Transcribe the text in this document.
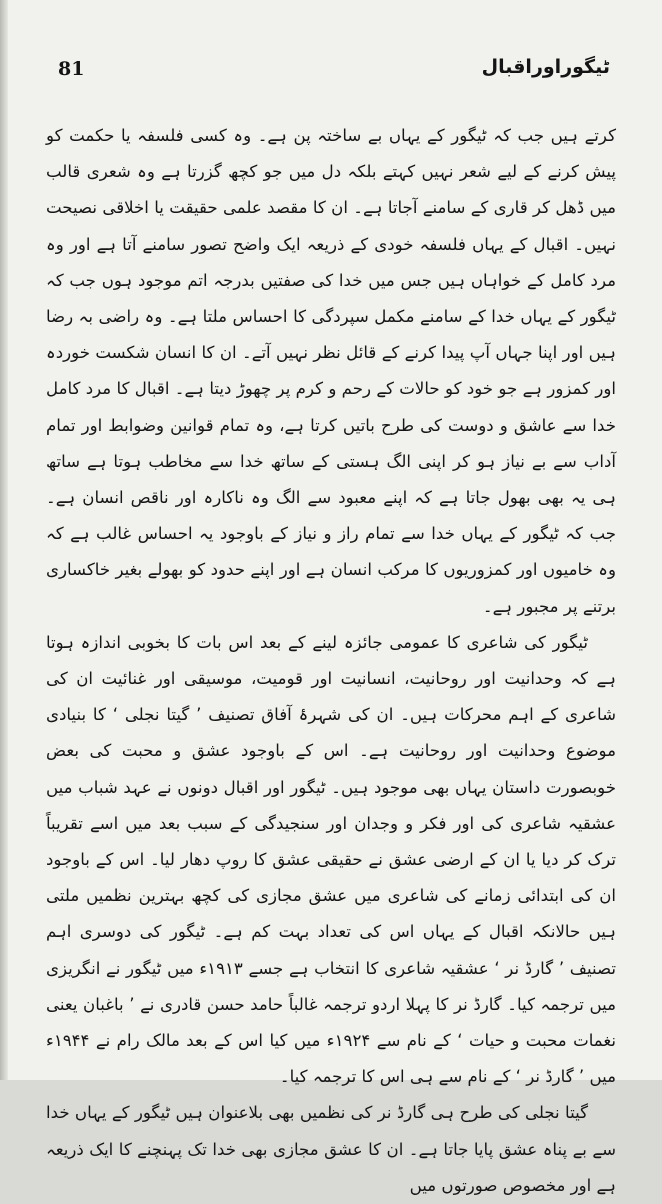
ٹیگوراوراقبال
81

کرتے ہیں جب کہ ٹیگور کے یہاں بے ساختہ پن ہے۔ وہ کسی فلسفہ یا حکمت کو پیش کرنے کے لیے شعر نہیں کہتے بلکہ دل میں جو کچھ گزرتا ہے وہ شعری قالب میں ڈھل کر قاری کے سامنے آجاتا ہے۔ ان کا مقصد علمی حقیقت یا اخلاقی نصیحت نہیں۔ اقبال کے یہاں فلسفہ خودی کے ذریعہ ایک واضح تصور سامنے آتا ہے اور وہ مرد کامل کے خواہاں ہیں جس میں خدا کی صفتیں بدرجہ اتم موجود ہوں جب کہ ٹیگور کے یہاں خدا کے سامنے مکمل سپردگی کا احساس ملتا ہے۔ وہ راضی بہ رضا ہیں اور اپنا جہاں آپ پیدا کرنے کے قائل نظر نہیں آتے۔ ان کا انسان شکست خوردہ اور کمزور ہے جو خود کو حالات کے رحم و کرم پر چھوڑ دیتا ہے۔ اقبال کا مرد کامل خدا سے عاشق و دوست کی طرح باتیں کرتا ہے، وہ تمام قوانین وضوابط اور تمام آداب سے بے نیاز ہو کر اپنی الگ ہستی کے ساتھ خدا سے مخاطب ہوتا ہے ساتھ ہی یہ بھی بھول جاتا ہے کہ اپنے معبود سے الگ وہ ناکارہ اور ناقص انسان ہے۔ جب کہ ٹیگور کے یہاں خدا سے تمام راز و نیاز کے باوجود یہ احساس غالب ہے کہ وہ خامیوں اور کمزوریوں کا مرکب انسان ہے اور اپنے حدود کو بھولے بغیر خاکساری برتنے پر مجبور ہے۔

ٹیگور کی شاعری کا عمومی جائزہ لینے کے بعد اس بات کا بخوبی اندازہ ہوتا ہے کہ وحدانیت اور روحانیت، انسانیت اور قومیت، موسیقی اور غنائیت ان کی شاعری کے اہم محرکات ہیں۔ ان کی شہرۂ آفاق تصنیف ’ گیتا نجلی ‘ کا بنیادی موضوع وحدانیت اور روحانیت ہے۔ اس کے باوجود عشق و محبت کی بعض خوبصورت داستان یہاں بھی موجود ہیں۔ ٹیگور اور اقبال دونوں نے عہد شباب میں عشقیہ شاعری کی اور فکر و وجدان اور سنجیدگی کے سبب بعد میں اسے تقریباً ترک کر دیا یا ان کے ارضی عشق نے حقیقی عشق کا روپ دھار لیا۔ اس کے باوجود ان کی ابتدائی زمانے کی شاعری میں عشق مجازی کی کچھ بہترین نظمیں ملتی ہیں حالانکہ اقبال کے یہاں اس کی تعداد بہت کم ہے۔ ٹیگور کی دوسری اہم تصنیف ’ گارڈ نر ‘ عشقیہ شاعری کا انتخاب ہے جسے ۱۹۱۳ء میں ٹیگور نے انگریزی میں ترجمہ کیا۔ گارڈ نر کا پہلا اردو ترجمہ غالباً حامد حسن قادری نے ’ باغبان یعنی نغمات محبت و حیات ‘ کے نام سے ۱۹۲۴ء میں کیا اس کے بعد مالک رام نے ۱۹۴۴ء میں ’ گارڈ نر ‘ کے نام سے ہی اس کا ترجمہ کیا۔

گیتا نجلی کی طرح ہی گارڈ نر کی نظمیں بھی بلاعنوان ہیں ٹیگور کے یہاں خدا سے بے پناہ عشق پایا جاتا ہے۔ ان کا عشق مجازی بھی خدا تک پہنچنے کا ایک ذریعہ ہے اور مخصوص صورتوں میں
